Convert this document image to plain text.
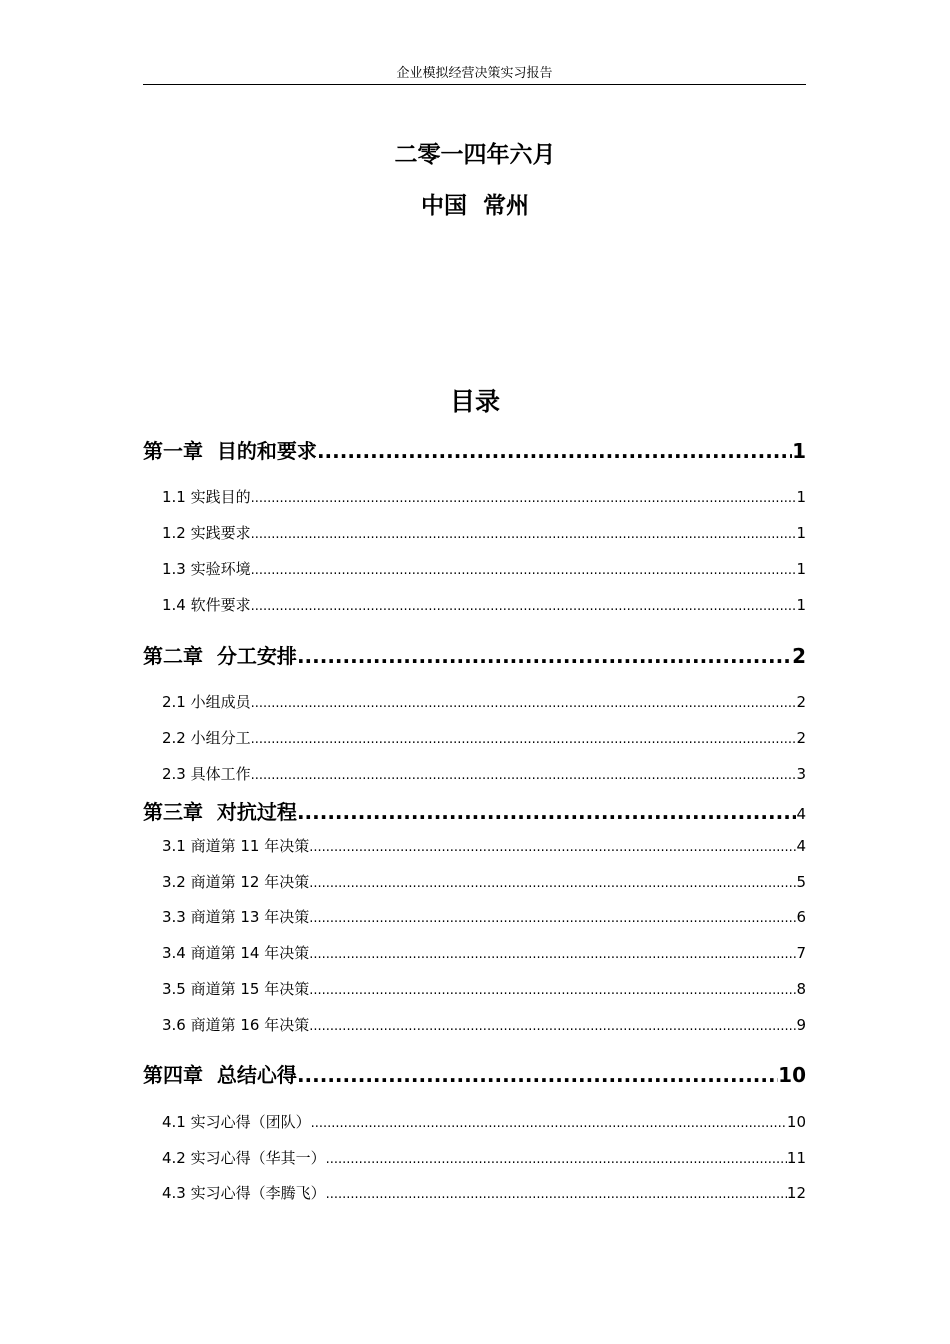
企业模拟经营决策实习报告
二零一四年六月
中国  常州
目录
第一章  目的和要求 .....	1
1.1 实践目的 .....	1
1.2 实践要求 .....	1
1.3 实验环境 .....	1
1.4 软件要求 .....	1
第二章  分工安排 .....	2
2.1 小组成员 .....	2
2.2 小组分工 .....	2
2.3 具体工作 .....	3
第三章  对抗过程 .....	4
3.1 商道第 11 年决策 .....	4
3.2 商道第 12 年决策 .....	5
3.3 商道第 13 年决策 .....	6
3.4 商道第 14 年决策 .....	7
3.5 商道第 15 年决策 .....	8
3.6 商道第 16 年决策 .....	9
第四章  总结心得 .....	10
4.1 实习心得（团队） .....	10
4.2 实习心得（华其一） .....	11
4.3 实习心得（李腾飞） .....	12
